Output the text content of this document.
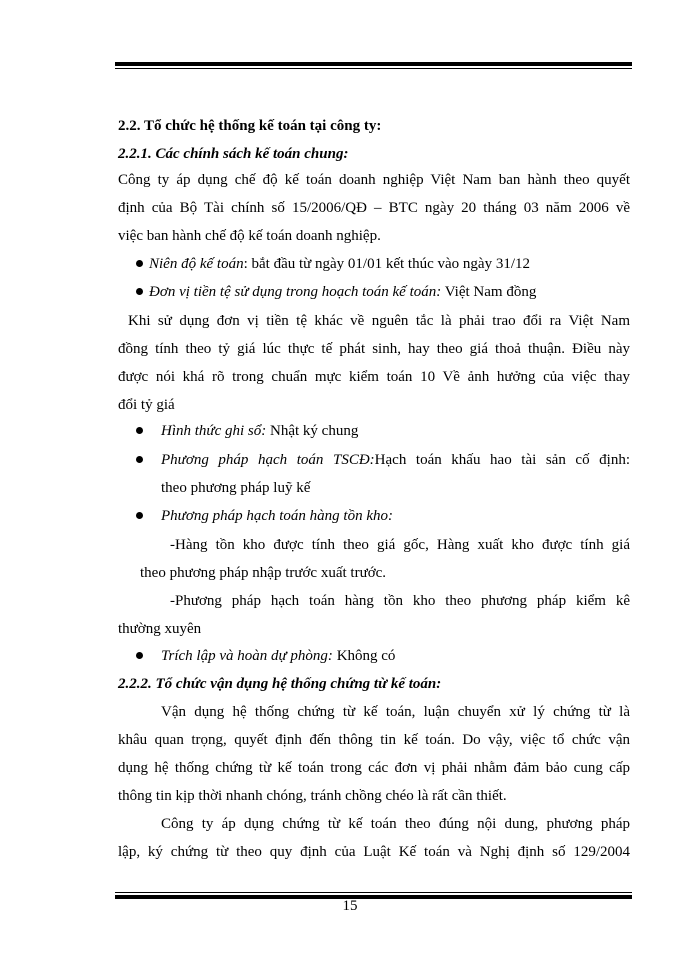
2.2. Tổ chức hệ thống kế toán tại công ty:
2.2.1. Các chính sách kế toán chung:
Công ty áp dụng chế độ kế toán doanh nghiệp Việt Nam ban hành theo quyết
định của Bộ Tài chính số 15/2006/QĐ – BTC ngày 20 tháng 03 năm 2006 về
việc ban hành chế độ kế toán doanh nghiệp.
Niên độ kế toán: bắt đầu từ ngày 01/01 kết thúc vào ngày 31/12
Đơn vị tiền tệ sử dụng trong hoạch toán kế toán: Việt Nam đồng
Khi sử dụng đơn vị tiền tệ khác về nguên tắc là phải trao đổi ra Việt Nam
đồng tính theo tỷ giá lúc thực tế phát sinh, hay theo giá thoả thuận. Điều này
được nói khá rõ trong chuẩn mực kiểm toán 10 Về ảnh hưởng của việc thay
đổi tỷ giá
Hình thức ghi sổ: Nhật ký chung
Phương pháp hạch toán TSCĐ:Hạch toán khấu hao tài sản cố định:
theo phương pháp luỹ kế
Phương pháp hạch toán hàng tồn kho:
-Hàng tồn kho được tính theo giá gốc, Hàng xuất kho được tính giá
theo phương pháp nhập trước xuất trước.
-Phương pháp hạch toán hàng tồn kho theo phương pháp kiểm kê
thường xuyên
Trích lập và hoàn dự phòng: Không có
2.2.2. Tổ chức vận dụng hệ thống chứng từ kế toán:
Vận dụng hệ thống chứng từ kế toán, luận chuyển xử lý chứng từ là
khâu quan trọng, quyết định đến thông tin kế toán. Do vậy, việc tổ chức vận
dụng hệ thống chứng từ kế toán trong các đơn vị phải nhằm đảm bảo cung cấp
thông tin kịp thời nhanh chóng, tránh chồng chéo là rất cần thiết.
Công ty áp dụng chứng từ kế toán theo đúng nội dung, phương pháp
lập, ký chứng từ theo quy định của Luật Kế toán và Nghị định số 129/2004
15
